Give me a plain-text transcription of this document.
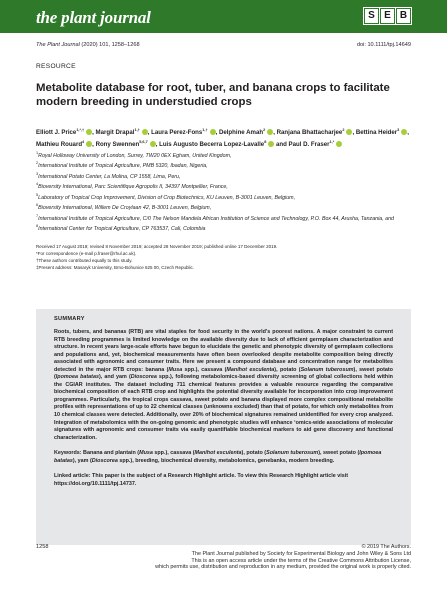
the plant journal	S E B
The Plant Journal (2020) 101, 1258–1268	doi: 10.1111/tpj.14649
RESOURCE
Metabolite database for root, tuber, and banana crops to facilitate modern breeding in understudied crops
Elliott J. Price$^{1,*,\dagger}$ , Margit Drapal$^{1,\dagger}$ , Laura Perez-Fons$^{1,\dagger}$ , Delphine Amah$^2$ , Ranjana Bhattacharjee$^2$ , Bettina Heider$^3$ , Mathieu Rouard$^4$ , Rony Swennen$^{5,6,7}$ , Luis Augusto Becerra Lopez-Lavalle$^8$ and Paul D. Fraser$^{1,*}$
$^1$Royal Holloway University of London, Surrey, TW20 0EX Egham, United Kingdom,
$^2$International Institute of Tropical Agriculture, PMB 5320, Ibadan, Nigeria,
$^3$International Potato Center, La Molina, CP 1558, Lima, Peru,
$^4$Bioversity International, Parc Scientifique Agropolis II, 34397 Montpellier, France,
$^5$Laboratory of Tropical Crop Improvement, Division of Crop Biotechnics, KU Leuven, B-3001 Leuven, Belgium,
$^6$Bioversity International, Willem De Croylaan 42, B-3001 Leuven, Belgium,
$^7$International Institute of Tropical Agriculture, C/0 The Nelson Mandela African Institution of Science and Technology, P.O. Box 44, Arusha, Tanzania, and
$^8$International Center for Tropical Agriculture, CP 763537, Cali, Colombia
Received 17 August 2019; revised 8 November 2019; accepted 28 November 2019; published online 17 December 2019.
*For correspondence (e-mail p.fraser@rhul.ac.uk).
†These authors contributed equally to this study.
‡Present address: Masaryk University, Brno-Bohunice 625 00, Czech Republic.
SUMMARY

Roots, tubers, and bananas (RTB) are vital staples for food security in the world’s poorest nations. A major constraint to current RTB breeding programmes is limited knowledge on the available diversity due to lack of efficient germplasm characterization and structure. In recent years large-scale efforts have begun to elucidate the genetic and phenotypic diversity of germplasm collections and populations and, yet, biochemical measurements have often been overlooked despite metabolite composition being directly associated with agronomic and consumer traits. Here we present a compound database and concentration range for metabolites detected in the major RTB crops: banana (Musa spp.), cassava (Manihot esculenta), potato (Solanum tuberosum), sweet potato (Ipomoea batatas), and yam (Dioscorea spp.), following metabolomics-based diversity screening of global collections held within the CGIAR institutes. The dataset including 711 chemical features provides a valuable resource regarding the comparative biochemical composition of each RTB crop and highlights the potential diversity available for incorporation into crop improvement programmes. Particularly, the tropical crops cassava, sweet potato and banana displayed more complex compositional metabolite profiles with representations of up to 22 chemical classes (unknowns excluded) than that of potato, for which only metabolites from 10 chemical classes were detected. Additionally, over 20% of biochemical signatures remained unidentified for every crop analyzed. Integration of metabolomics with the on-going genomic and phenotypic studies will enhance ‘omics-wide associations of molecular signatures with agronomic and consumer traits via easily quantifiable biochemical markers to aid gene discovery and functional characterization.

Keywords: Banana and plantain (Musa spp.), cassava (Manihot esculenta), potato (Solanum tuberosum), sweet potato (Ipomoea batatas), yam (Dioscorea spp.), breeding, biochemical diversity, metabolomics, genebanks, modern breeding.

Linked article: This paper is the subject of a Research Highlight article. To view this Research Highlight article visit https://doi.org/10.1111/tpj.14737.

1258	© 2019 The Authors.
The Plant Journal published by Society for Experimental Biology and John Wiley & Sons Ltd
This is an open access article under the terms of the Creative Commons Attribution License,
which permits use, distribution and reproduction in any medium, provided the original work is properly cited.
